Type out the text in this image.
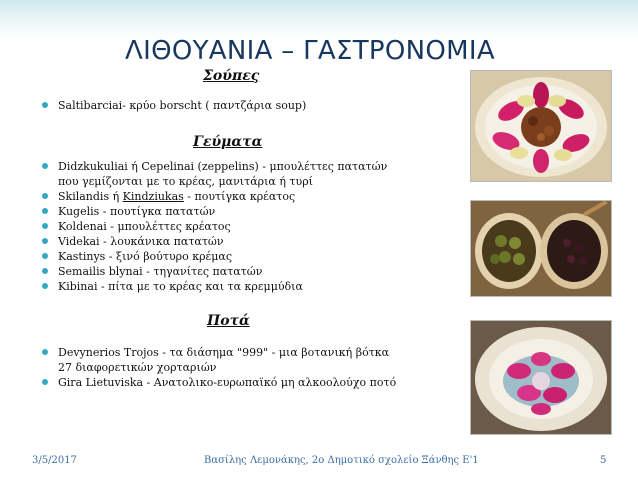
ΛΙΘΟΥΑΝΙΑ – ΓΑΣΤΡΟΝΟΜΙΑ
Σούπες
Saltibarciai- κρύο borscht ( παντζάρια soup)
Γεύματα
Didzkukuliai ή Cepelinai (zeppelins) - μπουλέττες πατατών
που γεμίζονται με το κρέας, μανιτάρια ή τυρί
Skilandis ή Kindziukas - πουτίγκα κρέατος
Kugelis - πουτίγκα πατατών
Koldenai - μπουλέττες κρέατος
Videkai - λουκάνικα πατατών
Kastinys - ξινό βούτυρο κρέμας
Semailis blynai - τηγανίτες πατατών
Kibinai - πίτα με το κρέας και τα κρεμμύδια
Ποτά
Devynerios Trojos - τα διάσημα "999" - μια βοτανική βότκα
27 διαφορετικών χορταριών
Gira Lietuviska - Ανατολικο-ευρωπαϊκό μη αλκοολούχο ποτό
3/5/2017	Βασίλης Λεμονάκης, 2ο Δημοτικό σχολείο Ξάνθης Ε'1	5
